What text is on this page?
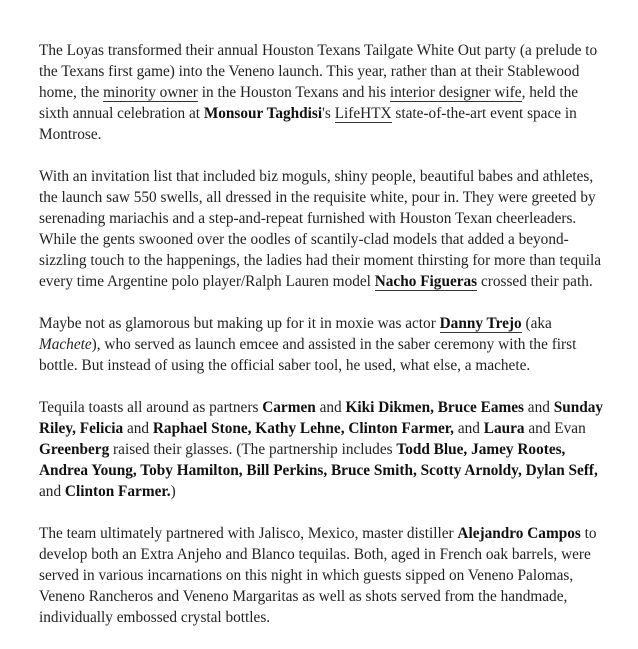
The Loyas transformed their annual Houston Texans Tailgate White Out party (a prelude to the Texans first game) into the Veneno launch. This year, rather than at their Stablewood home, the minority owner in the Houston Texans and his interior designer wife, held the sixth annual celebration at Monsour Taghdisi's LifeHTX state-of-the-art event space in Montrose.

With an invitation list that included biz moguls, shiny people, beautiful babes and athletes, the launch saw 550 swells, all dressed in the requisite white, pour in. They were greeted by serenading mariachis and a step-and-repeat furnished with Houston Texan cheerleaders. While the gents swooned over the oodles of scantily-clad models that added a beyond-sizzling touch to the happenings, the ladies had their moment thirsting for more than tequila every time Argentine polo player/Ralph Lauren model Nacho Figueras crossed their path.

Maybe not as glamorous but making up for it in moxie was actor Danny Trejo (aka Machete), who served as launch emcee and assisted in the saber ceremony with the first bottle. But instead of using the official saber tool, he used, what else, a machete.

Tequila toasts all around as partners Carmen and Kiki Dikmen, Bruce Eames and Sunday Riley, Felicia and Raphael Stone, Kathy Lehne, Clinton Farmer, and Laura and Evan Greenberg raised their glasses. (The partnership includes Todd Blue, Jamey Rootes, Andrea Young, Toby Hamilton, Bill Perkins, Bruce Smith, Scotty Arnoldy, Dylan Seff, and Clinton Farmer.)

The team ultimately partnered with Jalisco, Mexico, master distiller Alejandro Campos to develop both an Extra Anjeho and Blanco tequilas. Both, aged in French oak barrels, were served in various incarnations on this night in which guests sipped on Veneno Palomas, Veneno Rancheros and Veneno Margaritas as well as shots served from the handmade, individually embossed crystal bottles.
